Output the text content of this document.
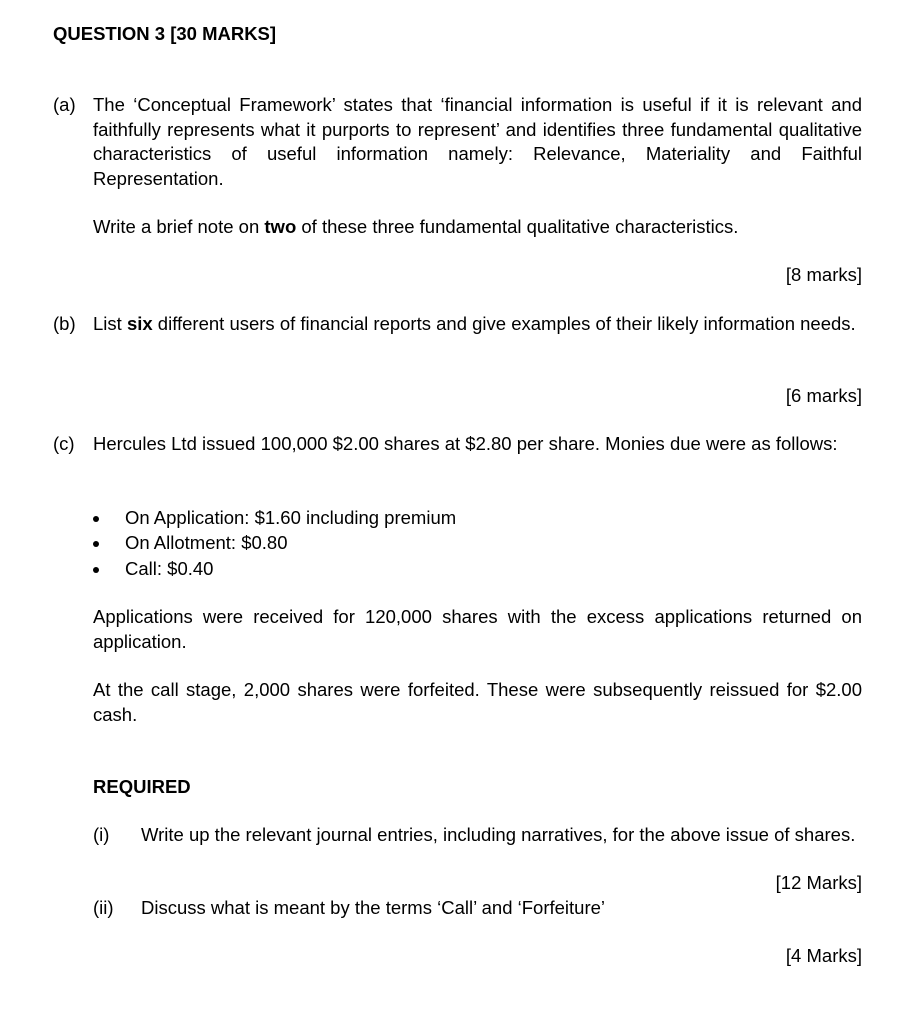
QUESTION 3 [30 MARKS]
(a) The ‘Conceptual Framework’ states that ‘financial information is useful if it is relevant and faithfully represents what it purports to represent’ and identifies three fundamental qualitative characteristics of useful information namely: Relevance, Materiality and Faithful Representation.
Write a brief note on two of these three fundamental qualitative characteristics.
[8 marks]
(b) List six different users of financial reports and give examples of their likely information needs.
[6 marks]
(c) Hercules Ltd issued 100,000 $2.00 shares at $2.80 per share. Monies due were as follows:
On Application: $1.60 including premium
On Allotment: $0.80
Call: $0.40
Applications were received for 120,000 shares with the excess applications returned on application.
At the call stage, 2,000 shares were forfeited. These were subsequently reissued for $2.00 cash.
REQUIRED
(i) Write up the relevant journal entries, including narratives, for the above issue of shares.
[12 Marks]
(ii) Discuss what is meant by the terms ‘Call’ and ‘Forfeiture’
[4 Marks]
